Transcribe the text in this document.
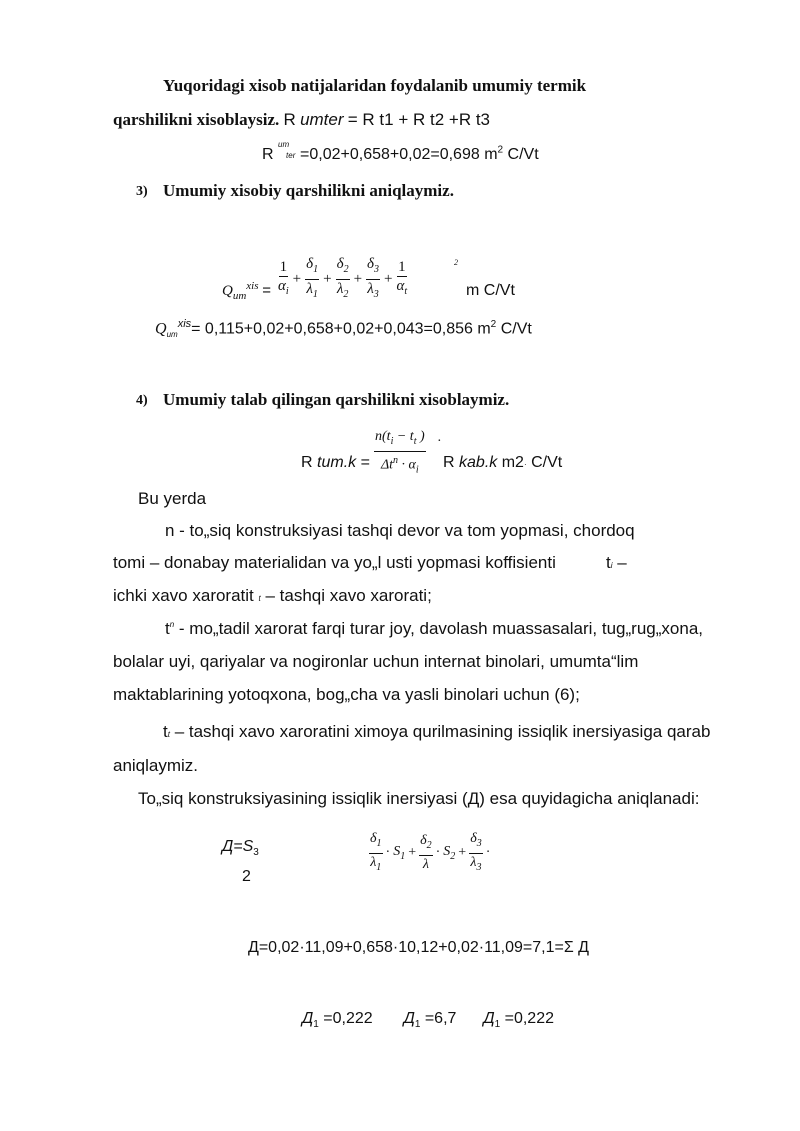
Yuqoridagi xisob natijalaridan foydalanib umumiy termik
qarshilikni xisoblaysiz. R umter = R t1 + R t2 +R t3
R
um
ter =0,02+0,658+0,02=0,698 $m^2$ C/Vt
3) Umumiy xisobiy qarshilikni aniqlaymiz.
$Q_{um}^{xis} = \frac{1}{\alpha_i} + \frac{\delta_1}{\lambda_1} + \frac{\delta_2}{\lambda_2} + \frac{\delta_3}{\lambda_3} + \frac{1}{\alpha_t}$	2
m C/Vt
$Q_{um}^{xis}= 0,115+0,02+0,658+0,02+0,043=0,856$ $m^2$ C/Vt
4) Umumiy talab qilingan qarshilikni xisoblaymiz.
R $tum.k = \frac{n(t_i - t_t )}{\Delta t^n \cdot \alpha_i}$ ·
R kab.k m2· C/Vt
Bu yerda
n - to„siq konstruksiyasi tashqi devor va tom yopmasi, chordoq
tomi – donabay materialidan va yo„l usti yopmasi koffisienti	ti –
ichki xavo xaroratit t – tashqi xavo xarorati;
$t^n$ - mo„tadil xarorat farqi turar joy, davolash muassasalari, tug„rug„xona,
bolalar uyi, qariyalar va nogironlar uchun internat binolari, umumta“lim
maktablarining yotoqxona, bog„cha va yasli binolari uchun (6);
tt – tashqi xavo xaroratini ximoya qurilmasining issiqlik inersiyasiga qarab
aniqlaymiz.
To„siq konstruksiyasining issiqlik inersiyasi (Д) esa quyidagicha aniqlanadi:
$Д=S_3$
2	$\frac{\delta_1}{\lambda_1} \cdot S_1 + \frac{\delta_2}{\lambda} \cdot S_2 + \frac{\delta_3}{\lambda_3}$ ·
Д=0,02·11,09+0,658·10,12+0,02·11,09=7,1=Σ Д
$Д_1 =0,222$ $Д_1 =6,7$ $Д_1 =0,222$
